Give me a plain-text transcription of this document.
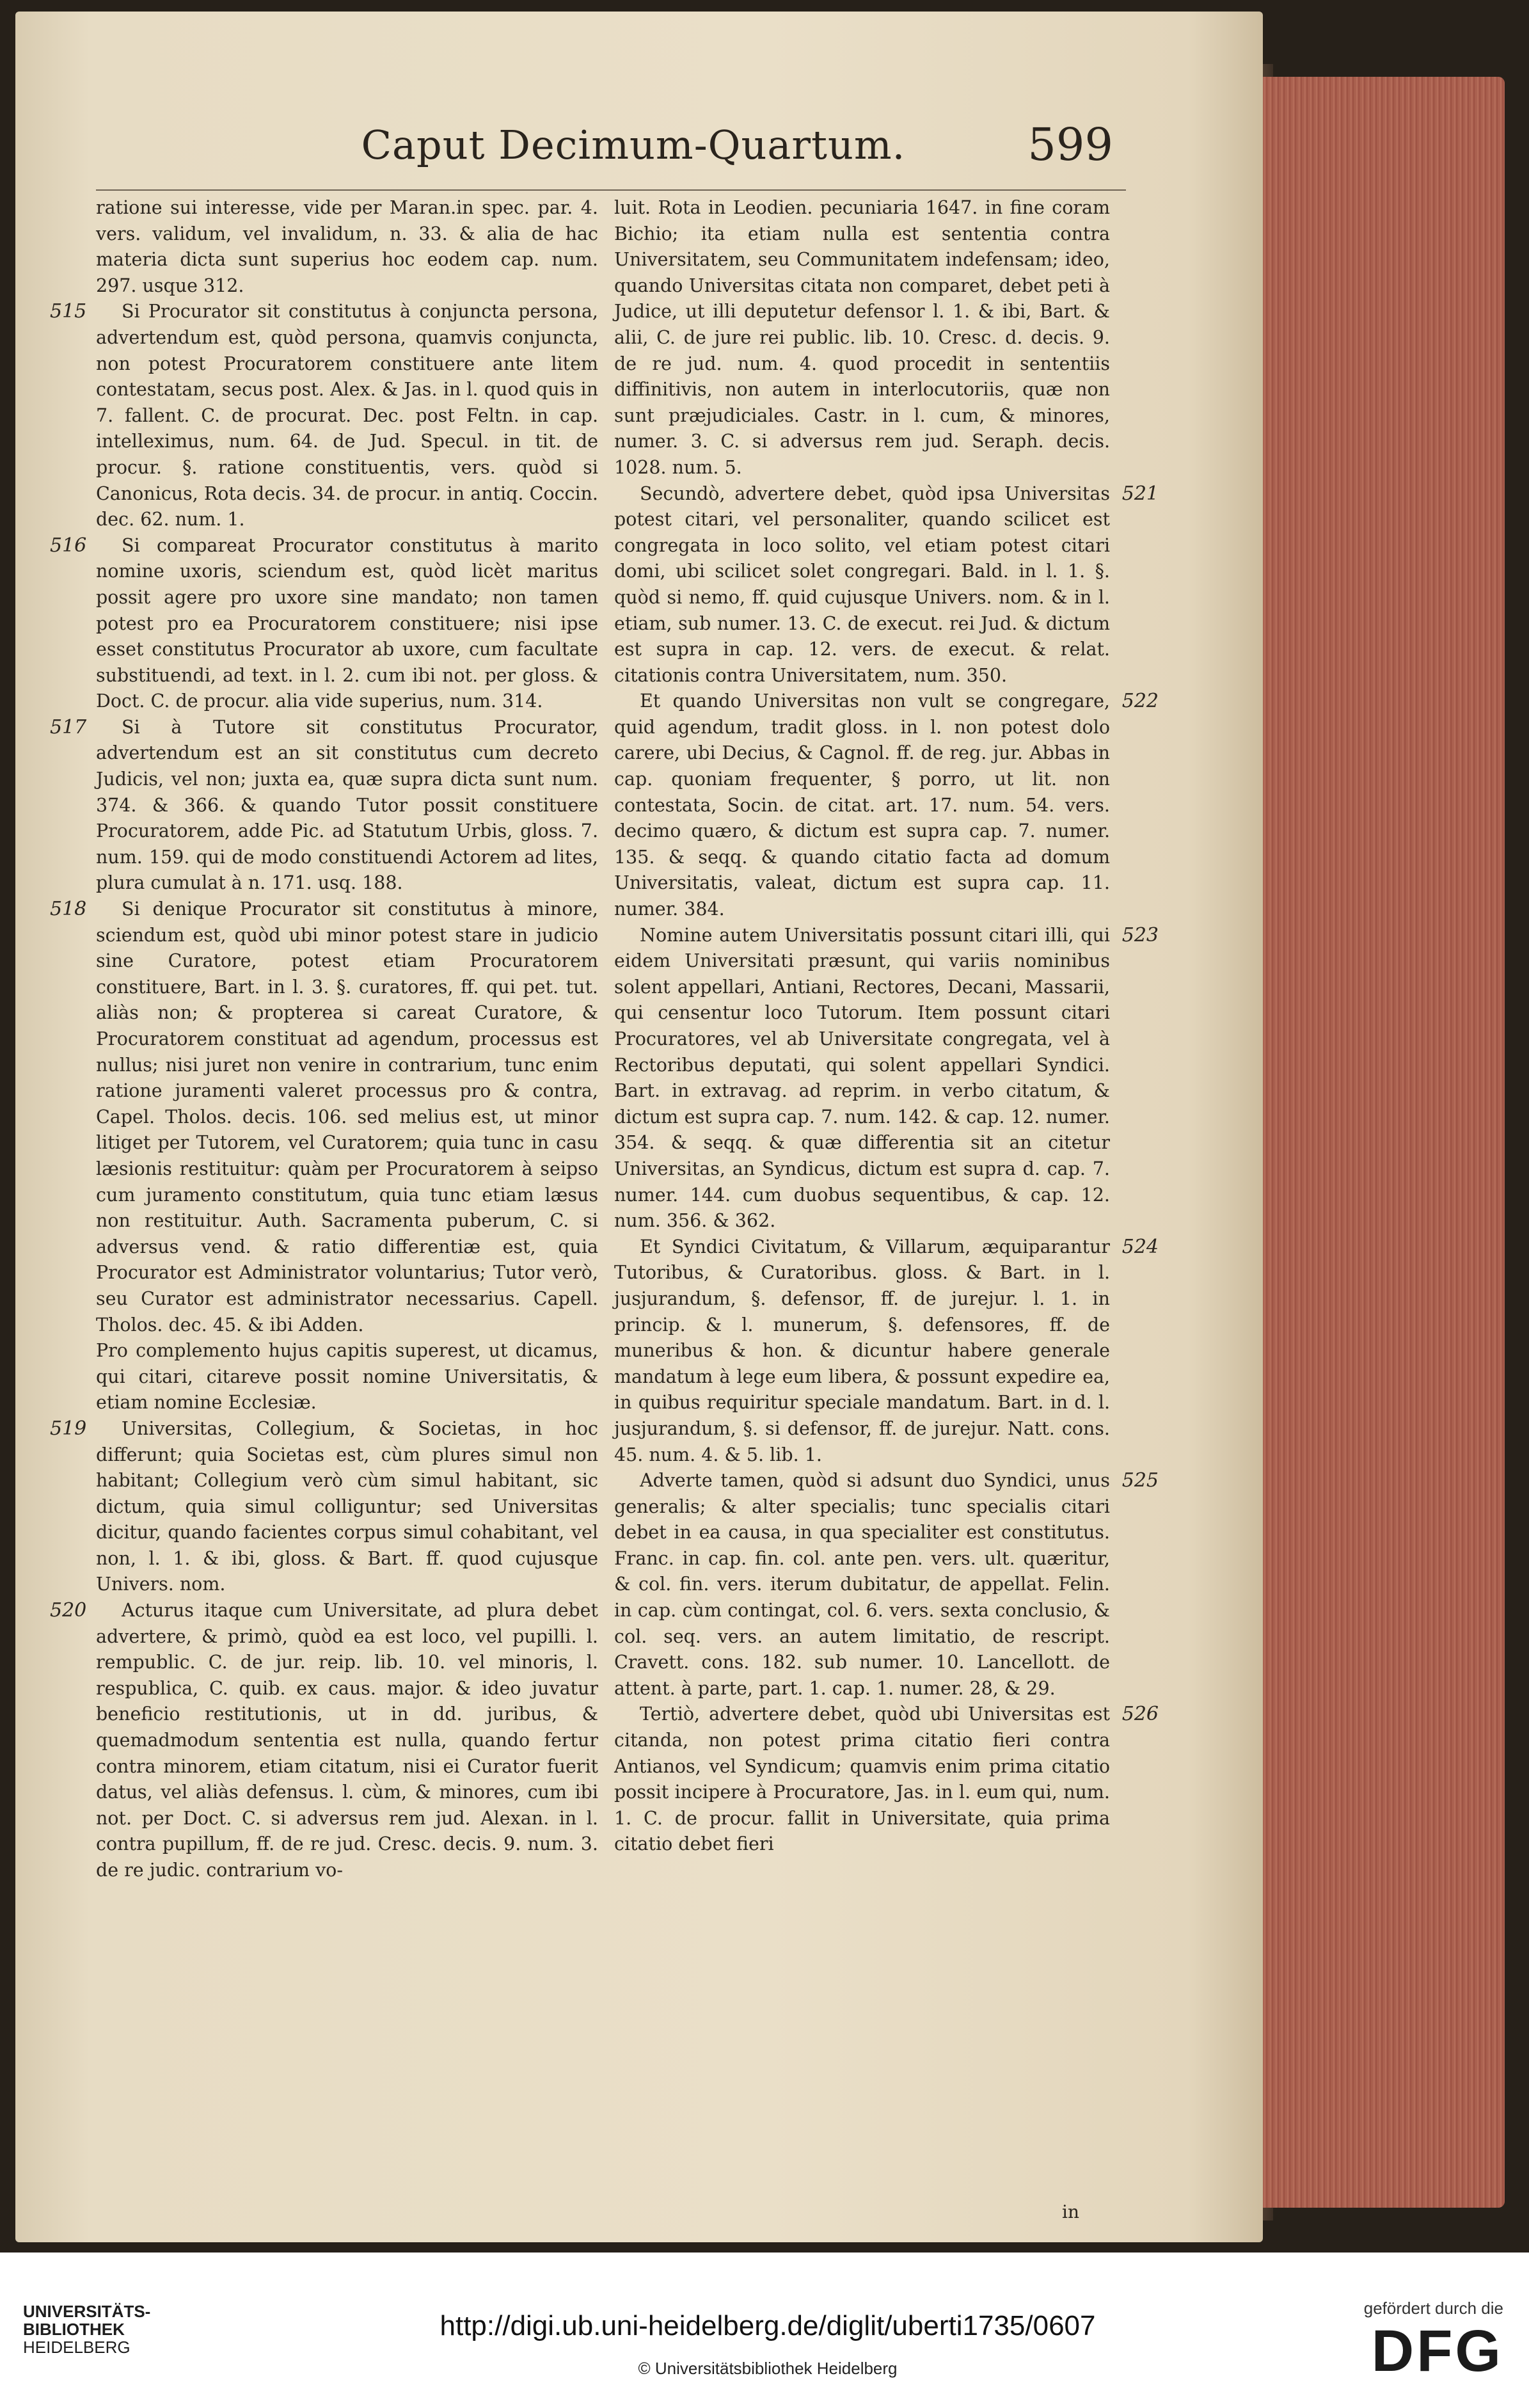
Caput Decimum-Quartum.	599

ratione sui interesse, vide per Maran.in spec. par. 4. vers. validum, vel invalidum, n. 33. & alia de hac materia dicta sunt superius hoc eodem cap. num. 297. usque 312.

515	Si Procurator sit constitutus à conjuncta persona, advertendum est, quòd persona, quamvis conjuncta, non potest Procuratorem constituere ante litem contestatam, secus post. Alex. & Jas. in l. quod quis in 7. fallent. C. de procurat. Dec. post Feltn. in cap. intelleximus, num. 64. de Jud. Specul. in tit. de procur. §. ratione constituentis, vers. quòd si Canonicus, Rota decis. 34. de procur. in antiq. Coccin. dec. 62. num. 1.

516	Si compareat Procurator constitutus à marito nomine uxoris, sciendum est, quòd licèt maritus possit agere pro uxore sine mandato; non tamen potest pro ea Procuratorem constituere; nisi ipse esset constitutus Procurator ab uxore, cum facultate substituendi, ad text. in l. 2. cum ibi not. per gloss. & Doct. C. de procur. alia vide superius, num. 314.

517	Si à Tutore sit constitutus Procurator, advertendum est an sit constitutus cum decreto Judicis, vel non; juxta ea, quæ supra dicta sunt num. 374. & 366. & quando Tutor possit constituere Procuratorem, adde Pic. ad Statutum Urbis, gloss. 7. num. 159. qui de modo constituendi Actorem ad lites, plura cumulat à n. 171. usq. 188.

518	Si denique Procurator sit constitutus à minore, sciendum est, quòd ubi minor potest stare in judicio sine Curatore, potest etiam Procuratorem constituere, Bart. in l. 3. §. curatores, ff. qui pet. tut. aliàs non; & propterea si careat Curatore, & Procuratorem constituat ad agendum, processus est nullus; nisi juret non venire in contrarium, tunc enim ratione juramenti valeret processus pro & contra, Capel. Tholos. decis. 106. sed melius est, ut minor litiget per Tutorem, vel Curatorem; quia tunc in casu læsionis restituitur: quàm per Procuratorem à seipso cum juramento constitutum, quia tunc etiam læsus non restituitur. Auth. Sacramenta puberum, C. si adversus vend. & ratio differentiæ est, quia Procurator est Administrator voluntarius; Tutor verò, seu Curator est administrator necessarius. Capell. Tholos. dec. 45. & ibi Adden.

Pro complemento hujus capitis superest, ut dicamus, qui citari, citareve possit nomine Universitatis, & etiam nomine Ecclesiæ.

519	Universitas, Collegium, & Societas, in hoc differunt; quia Societas est, cùm plures simul non habitant; Collegium verò cùm simul habitant, sic dictum, quia simul colliguntur; sed Universitas dicitur, quando facientes corpus simul cohabitant, vel non, l. 1. & ibi, gloss. & Bart. ff. quod cujusque Univers. nom.

520	Acturus itaque cum Universitate, ad plura debet advertere, & primò, quòd ea est loco, vel pupilli. l. rempublic. C. de jur. reip. lib. 10. vel minoris, l. respublica, C. quib. ex caus. major. & ideo juvatur beneficio restitutionis, ut in dd. juribus, & quemadmodum sententia est nulla, quando fertur contra minorem, etiam citatum, nisi ei Curator fuerit datus, vel aliàs defensus. l. cùm, & minores, cum ibi not. per Doct. C. si adversus rem jud. Alexan. in l. contra pupillum, ff. de re jud. Cresc. decis. 9. num. 3. de re judic. contrarium vo-

luit. Rota in Leodien. pecuniaria 1647. in fine coram Bichio; ita etiam nulla est sententia contra Universitatem, seu Communitatem indefensam; ideo, quando Universitas citata non comparet, debet peti à Judice, ut illi deputetur defensor l. 1. & ibi, Bart. & alii, C. de jure rei public. lib. 10. Cresc. d. decis. 9. de re jud. num. 4. quod procedit in sententiis diffinitivis, non autem in interlocutoriis, quæ non sunt præjudiciales. Castr. in l. cum, & minores, numer. 3. C. si adversus rem jud. Seraph. decis. 1028. num. 5.

521

Secundò, advertere debet, quòd ipsa Universitas potest citari, vel personaliter, quando scilicet est congregata in loco solito, vel etiam potest citari domi, ubi scilicet solet congregari. Bald. in l. 1. §. quòd si nemo, ff. quid cujusque Univers. nom. & in l. etiam, sub numer. 13. C. de execut. rei Jud. & dictum est supra in cap. 12. vers. de execut. & relat. citationis contra Universitatem, num. 350.

522

Et quando Universitas non vult se congregare, quid agendum, tradit gloss. in l. non potest dolo carere, ubi Decius, & Cagnol. ff. de reg. jur. Abbas in cap. quoniam frequenter, § porro, ut lit. non contestata, Socin. de citat. art. 17. num. 54. vers. decimo quæro, & dictum est supra cap. 7. numer. 135. & seqq. & quando citatio facta ad domum Universitatis, valeat, dictum est supra cap. 11. numer. 384.

523

Nomine autem Universitatis possunt citari illi, qui eidem Universitati præsunt, qui variis nominibus solent appellari, Antiani, Rectores, Decani, Massarii, qui censentur loco Tutorum. Item possunt citari Procuratores, vel ab Universitate congregata, vel à Rectoribus deputati, qui solent appellari Syndici. Bart. in extravag. ad reprim. in verbo citatum, & dictum est supra cap. 7. num. 142. & cap. 12. numer. 354. & seqq. & quæ differentia sit an citetur Universitas, an Syndicus, dictum est supra d. cap. 7. numer. 144. cum duobus sequentibus, & cap. 12. num. 356. & 362.

524

Et Syndici Civitatum, & Villarum, æquiparantur Tutoribus, & Curatoribus. gloss. & Bart. in l. jusjurandum, §. defensor, ff. de jurejur. l. 1. in princip. & l. munerum, §. defensores, ff. de muneribus & hon. & dicuntur habere generale mandatum à lege eum libera, & possunt expedire ea, in quibus requiritur speciale mandatum. Bart. in d. l. jusjurandum, §. si defensor, ff. de jurejur. Natt. cons. 45. num. 4. & 5. lib. 1.

525

Adverte tamen, quòd si adsunt duo Syndici, unus generalis; & alter specialis; tunc specialis citari debet in ea causa, in qua specialiter est constitutus. Franc. in cap. fin. col. ante pen. vers. ult. quæritur, & col. fin. vers. iterum dubitatur, de appellat. Felin. in cap. cùm contingat, col. 6. vers. sexta conclusio, & col. seq. vers. an autem limitatio, de rescript. Cravett. cons. 182. sub numer. 10. Lancellott. de attent. à parte, part. 1. cap. 1. numer. 28, & 29.

526

Tertiò, advertere debet, quòd ubi Universitas est citanda, non potest prima citatio fieri contra Antianos, vel Syndicum; quamvis enim prima citatio possit incipere à Procuratore, Jas. in l. eum qui, num. 1. C. de procur. fallit in Universitate, quia prima citatio debet fieri

in
UNIVERSITÄTS-
BIBLIOTHEK
HEIDELBERG
http://digi.ub.uni-heidelberg.de/diglit/uberti1735/0607
© Universitätsbibliothek Heidelberg
gefördert durch die
DFG
